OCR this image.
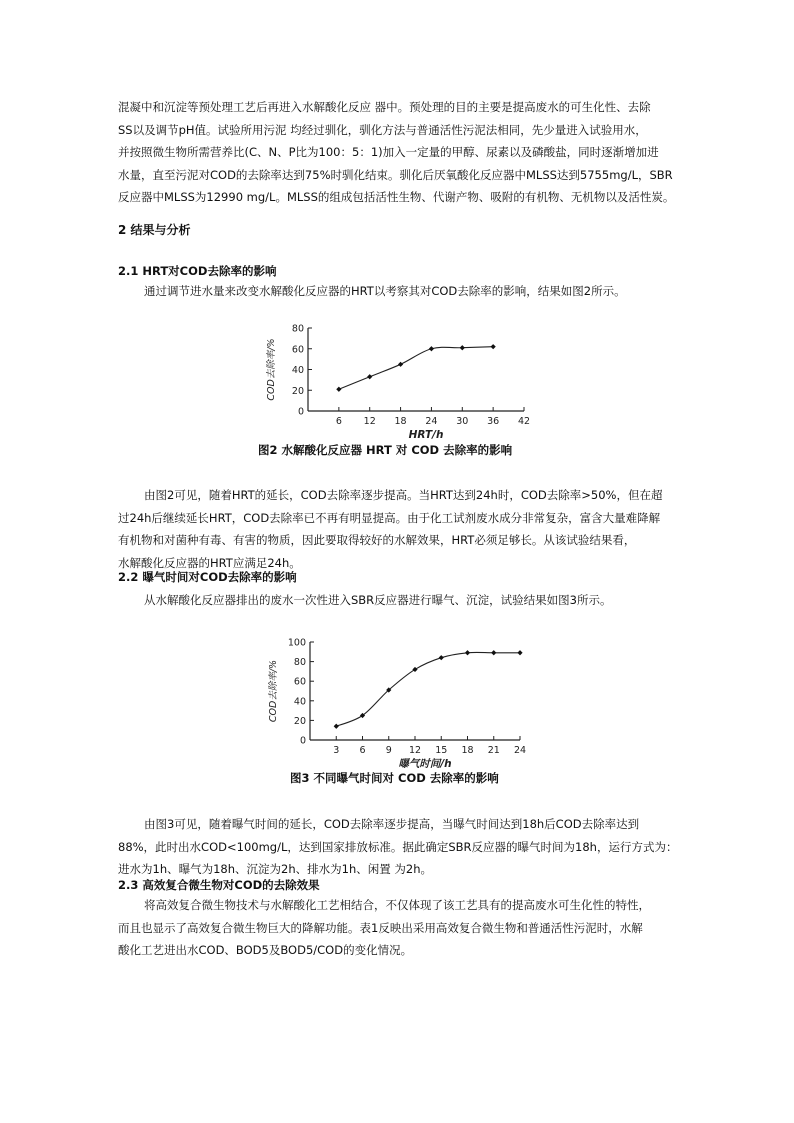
混凝中和沉淀等预处理工艺后再进入水解酸化反应 器中。预处理的目的主要是提高废水的可生化性、去除
SS以及调节pH值。试验所用污泥 均经过驯化，驯化方法与普通活性污泥法相同，先少量进入试验用水，
并按照微生物所需营养比(C、N、P比为100：5：1)加入一定量的甲醇、尿素以及磷酸盐，同时逐渐增加进
水量，直至污泥对COD的去除率达到75%时驯化结束。驯化后厌氧酸化反应器中MLSS达到5755mg/L，SBR
反应器中MLSS为12990 mg/L。MLSS的组成包括活性生物、代谢产物、吸附的有机物、无机物以及活性炭。

2 结果与分析

2.1 HRT对COD去除率的影响

通过调节进水量来改变水解酸化反应器的HRT以考察其对COD去除率的影响，结果如图2所示。
0
20
40
60
80
6 12 18 24 30 36 42
HRT/h
COD去除率/%

图2 水解酸化反应器 HRT 对 COD 去除率的影响

由图2可见，随着HRT的延长，COD去除率逐步提高。当HRT达到24h时，COD去除率>50%，但在超
过24h后继续延长HRT，COD去除率已不再有明显提高。由于化工试剂废水成分非常复杂，富含大量难降解
有机物和对菌种有毒、有害的物质，因此要取得较好的水解效果，HRT必须足够长。从该试验结果看，
水解酸化反应器的HRT应满足24h。

2.2 曝气时间对COD去除率的影响

从水解酸化反应器排出的废水一次性进入SBR反应器进行曝气、沉淀，试验结果如图3所示。
0
20
40
60
80
100
3 6 9 12 15 18 21 24
曝气时间/h
COD去除率/%

图3 不同曝气时间对 COD 去除率的影响

由图3可见，随着曝气时间的延长，COD去除率逐步提高，当曝气时间达到18h后COD去除率达到
88%，此时出水COD<100mg/L，达到国家排放标准。据此确定SBR反应器的曝气时间为18h，运行方式为：
进水为1h、曝气为18h、沉淀为2h、排水为1h、闲置 为2h。

2.3 高效复合微生物对COD的去除效果

将高效复合微生物技术与水解酸化工艺相结合，不仅体现了该工艺具有的提高废水可生化性的特性，
而且也显示了高效复合微生物巨大的降解功能。表1反映出采用高效复合微生物和普通活性污泥时，水解
酸化工艺进出水COD、BOD5及BOD5/COD的变化情况。
